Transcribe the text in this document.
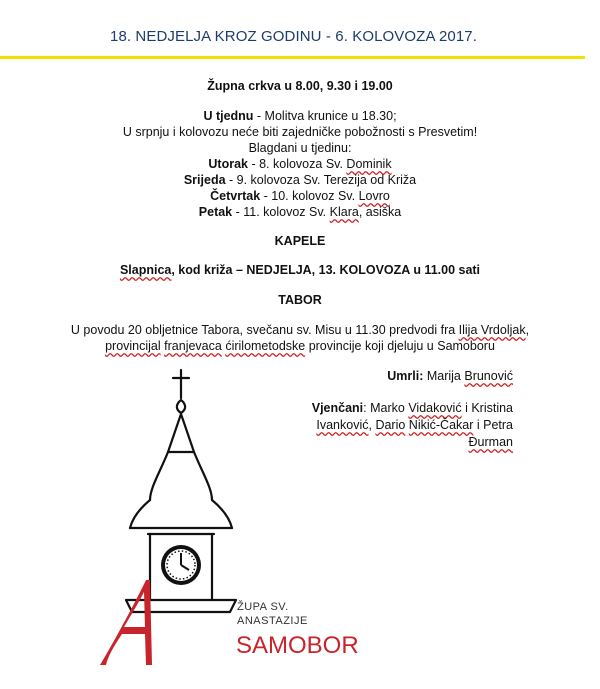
18. NEDJELJA KROZ GODINU - 6. KOLOVOZA 2017.
Župna crkva u 8.00, 9.30 i 19.00
U tjednu - Molitva krunice u 18.30;
U srpnju i kolovozu neće biti zajedničke pobožnosti s Presvetim!
Blagdani u tjedinu:
Utorak - 8. kolovoza Sv. Dominik
Srijeda - 9. kolovoza Sv. Terezija od Križa
Četvrtak - 10. kolovoz Sv. Lovro
Petak - 11. kolovoz Sv. Klara, asiška
KAPELE
Slapnica, kod križa – NEDJELJA, 13. KOLOVOZA u 11.00 sati
TABOR
U povodu 20 obljetnice Tabora, svečanu sv. Misu u 11.30 predvodi fra Ilija Vrdoljak,
provincijal franjevaca ćirilometodske provincije koji djeluju u Samoboru
Umrli: Marija Brunović
Vjenčani: Marko Vidaković i Kristina
Ivanković, Dario Nikić-Čakar i Petra
Đurman
ŽUPA SV.
ANASTAZIJE
SAMOBOR
